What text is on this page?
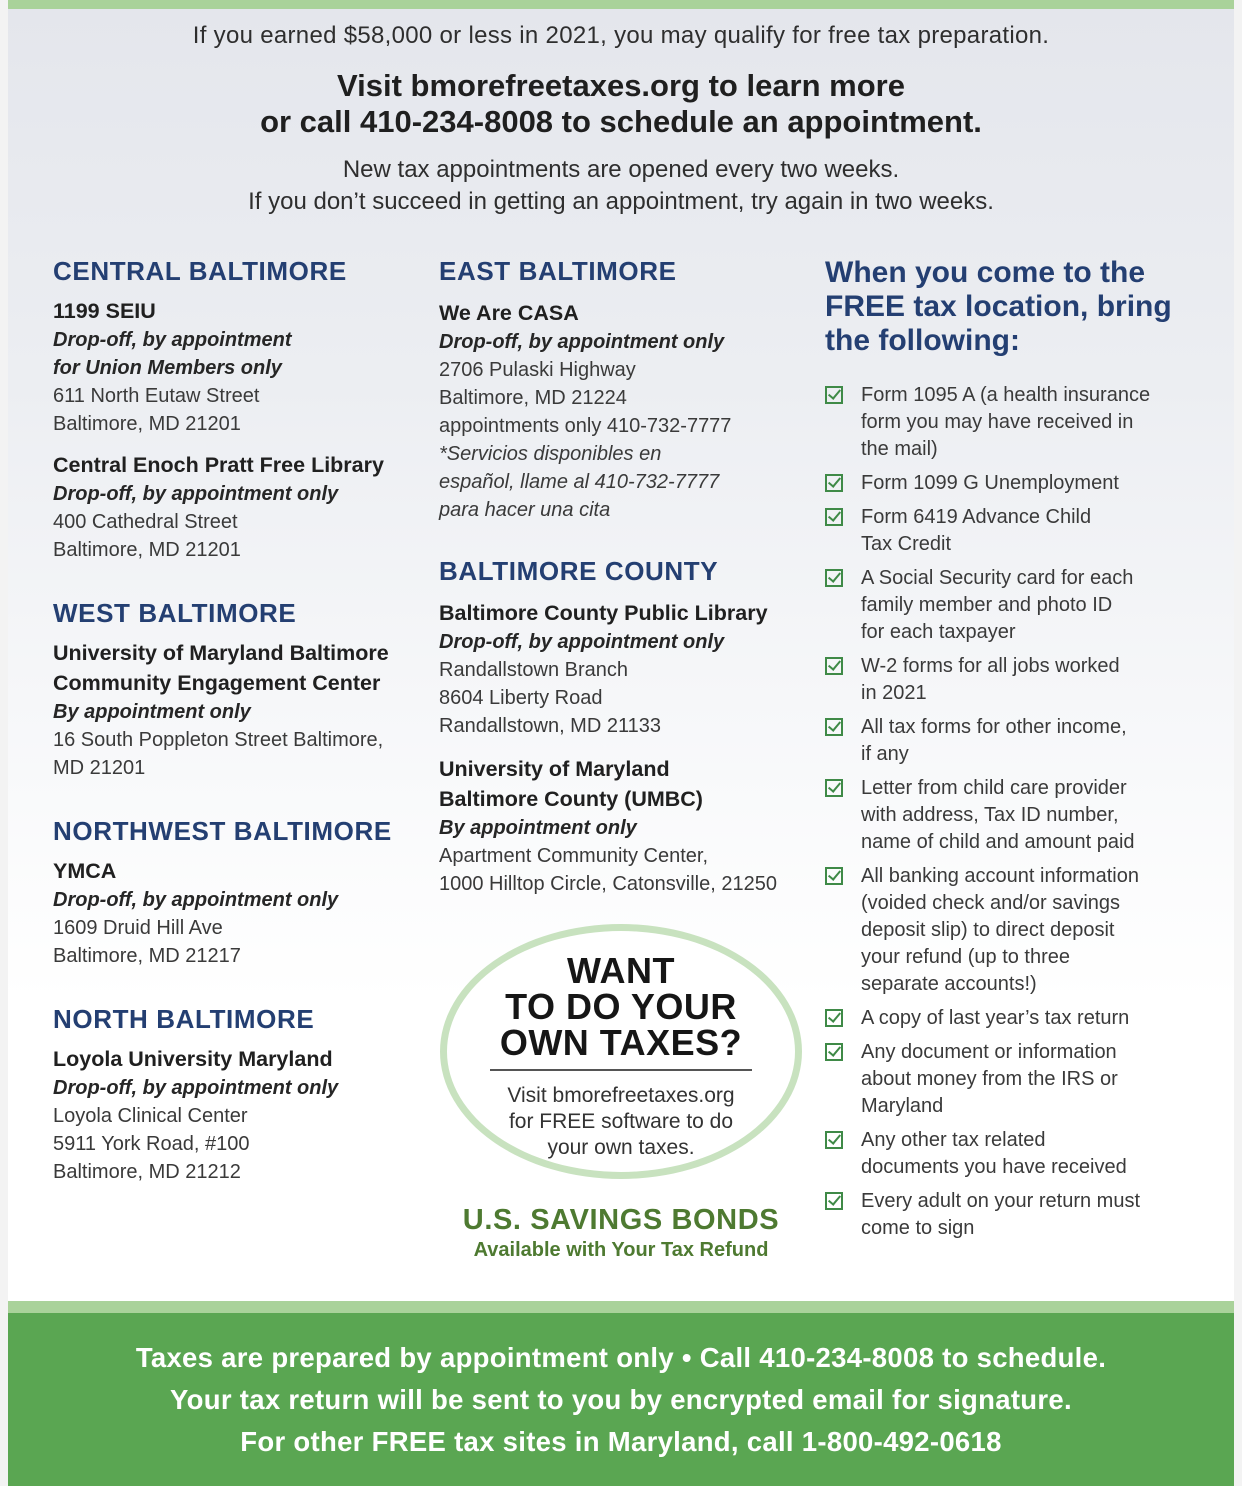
If you earned $58,000 or less in 2021, you may qualify for free tax preparation.
Visit bmorefreetaxes.org to learn more
or call 410-234-8008 to schedule an appointment.
New tax appointments are opened every two weeks.
If you don’t succeed in getting an appointment, try again in two weeks.
CENTRAL BALTIMORE
1199 SEIU
Drop-off, by appointment
for Union Members only
611 North Eutaw Street
Baltimore, MD 21201
Central Enoch Pratt Free Library
Drop-off, by appointment only
400 Cathedral Street
Baltimore, MD 21201
WEST BALTIMORE
University of Maryland Baltimore
Community Engagement Center
By appointment only
16 South Poppleton Street Baltimore,
MD 21201
NORTHWEST BALTIMORE
YMCA
Drop-off, by appointment only
1609 Druid Hill Ave
Baltimore, MD 21217
NORTH BALTIMORE
Loyola University Maryland
Drop-off, by appointment only
Loyola Clinical Center
5911 York Road, #100
Baltimore, MD 21212
EAST BALTIMORE
We Are CASA
Drop-off, by appointment only
2706 Pulaski Highway
Baltimore, MD 21224
appointments only 410-732-7777
*Servicios disponibles en
español, llame al 410-732-7777
para hacer una cita
BALTIMORE COUNTY
Baltimore County Public Library
Drop-off, by appointment only
Randallstown Branch
8604 Liberty Road
Randallstown, MD 21133
University of Maryland
Baltimore County (UMBC)
By appointment only
Apartment Community Center,
1000 Hilltop Circle, Catonsville, 21250
WANT
TO DO YOUR
OWN TAXES?
Visit bmorefreetaxes.org
for FREE software to do
your own taxes.
U.S. SAVINGS BONDS
Available with Your Tax Refund
When you come to the
FREE tax location, bring
the following:
Form 1095 A (a health insurance
form you may have received in
the mail)
Form 1099 G Unemployment
Form 6419 Advance Child
Tax Credit
A Social Security card for each
family member and photo ID
for each taxpayer
W-2 forms for all jobs worked
in 2021
All tax forms for other income,
if any
Letter from child care provider
with address, Tax ID number,
name of child and amount paid
All banking account information
(voided check and/or savings
deposit slip) to direct deposit
your refund (up to three
separate accounts!)
A copy of last year’s tax return
Any document or information
about money from the IRS or
Maryland
Any other tax related
documents you have received
Every adult on your return must
come to sign
Taxes are prepared by appointment only • Call 410-234-8008 to schedule.
Your tax return will be sent to you by encrypted email for signature.
For other FREE tax sites in Maryland, call 1-800-492-0618
